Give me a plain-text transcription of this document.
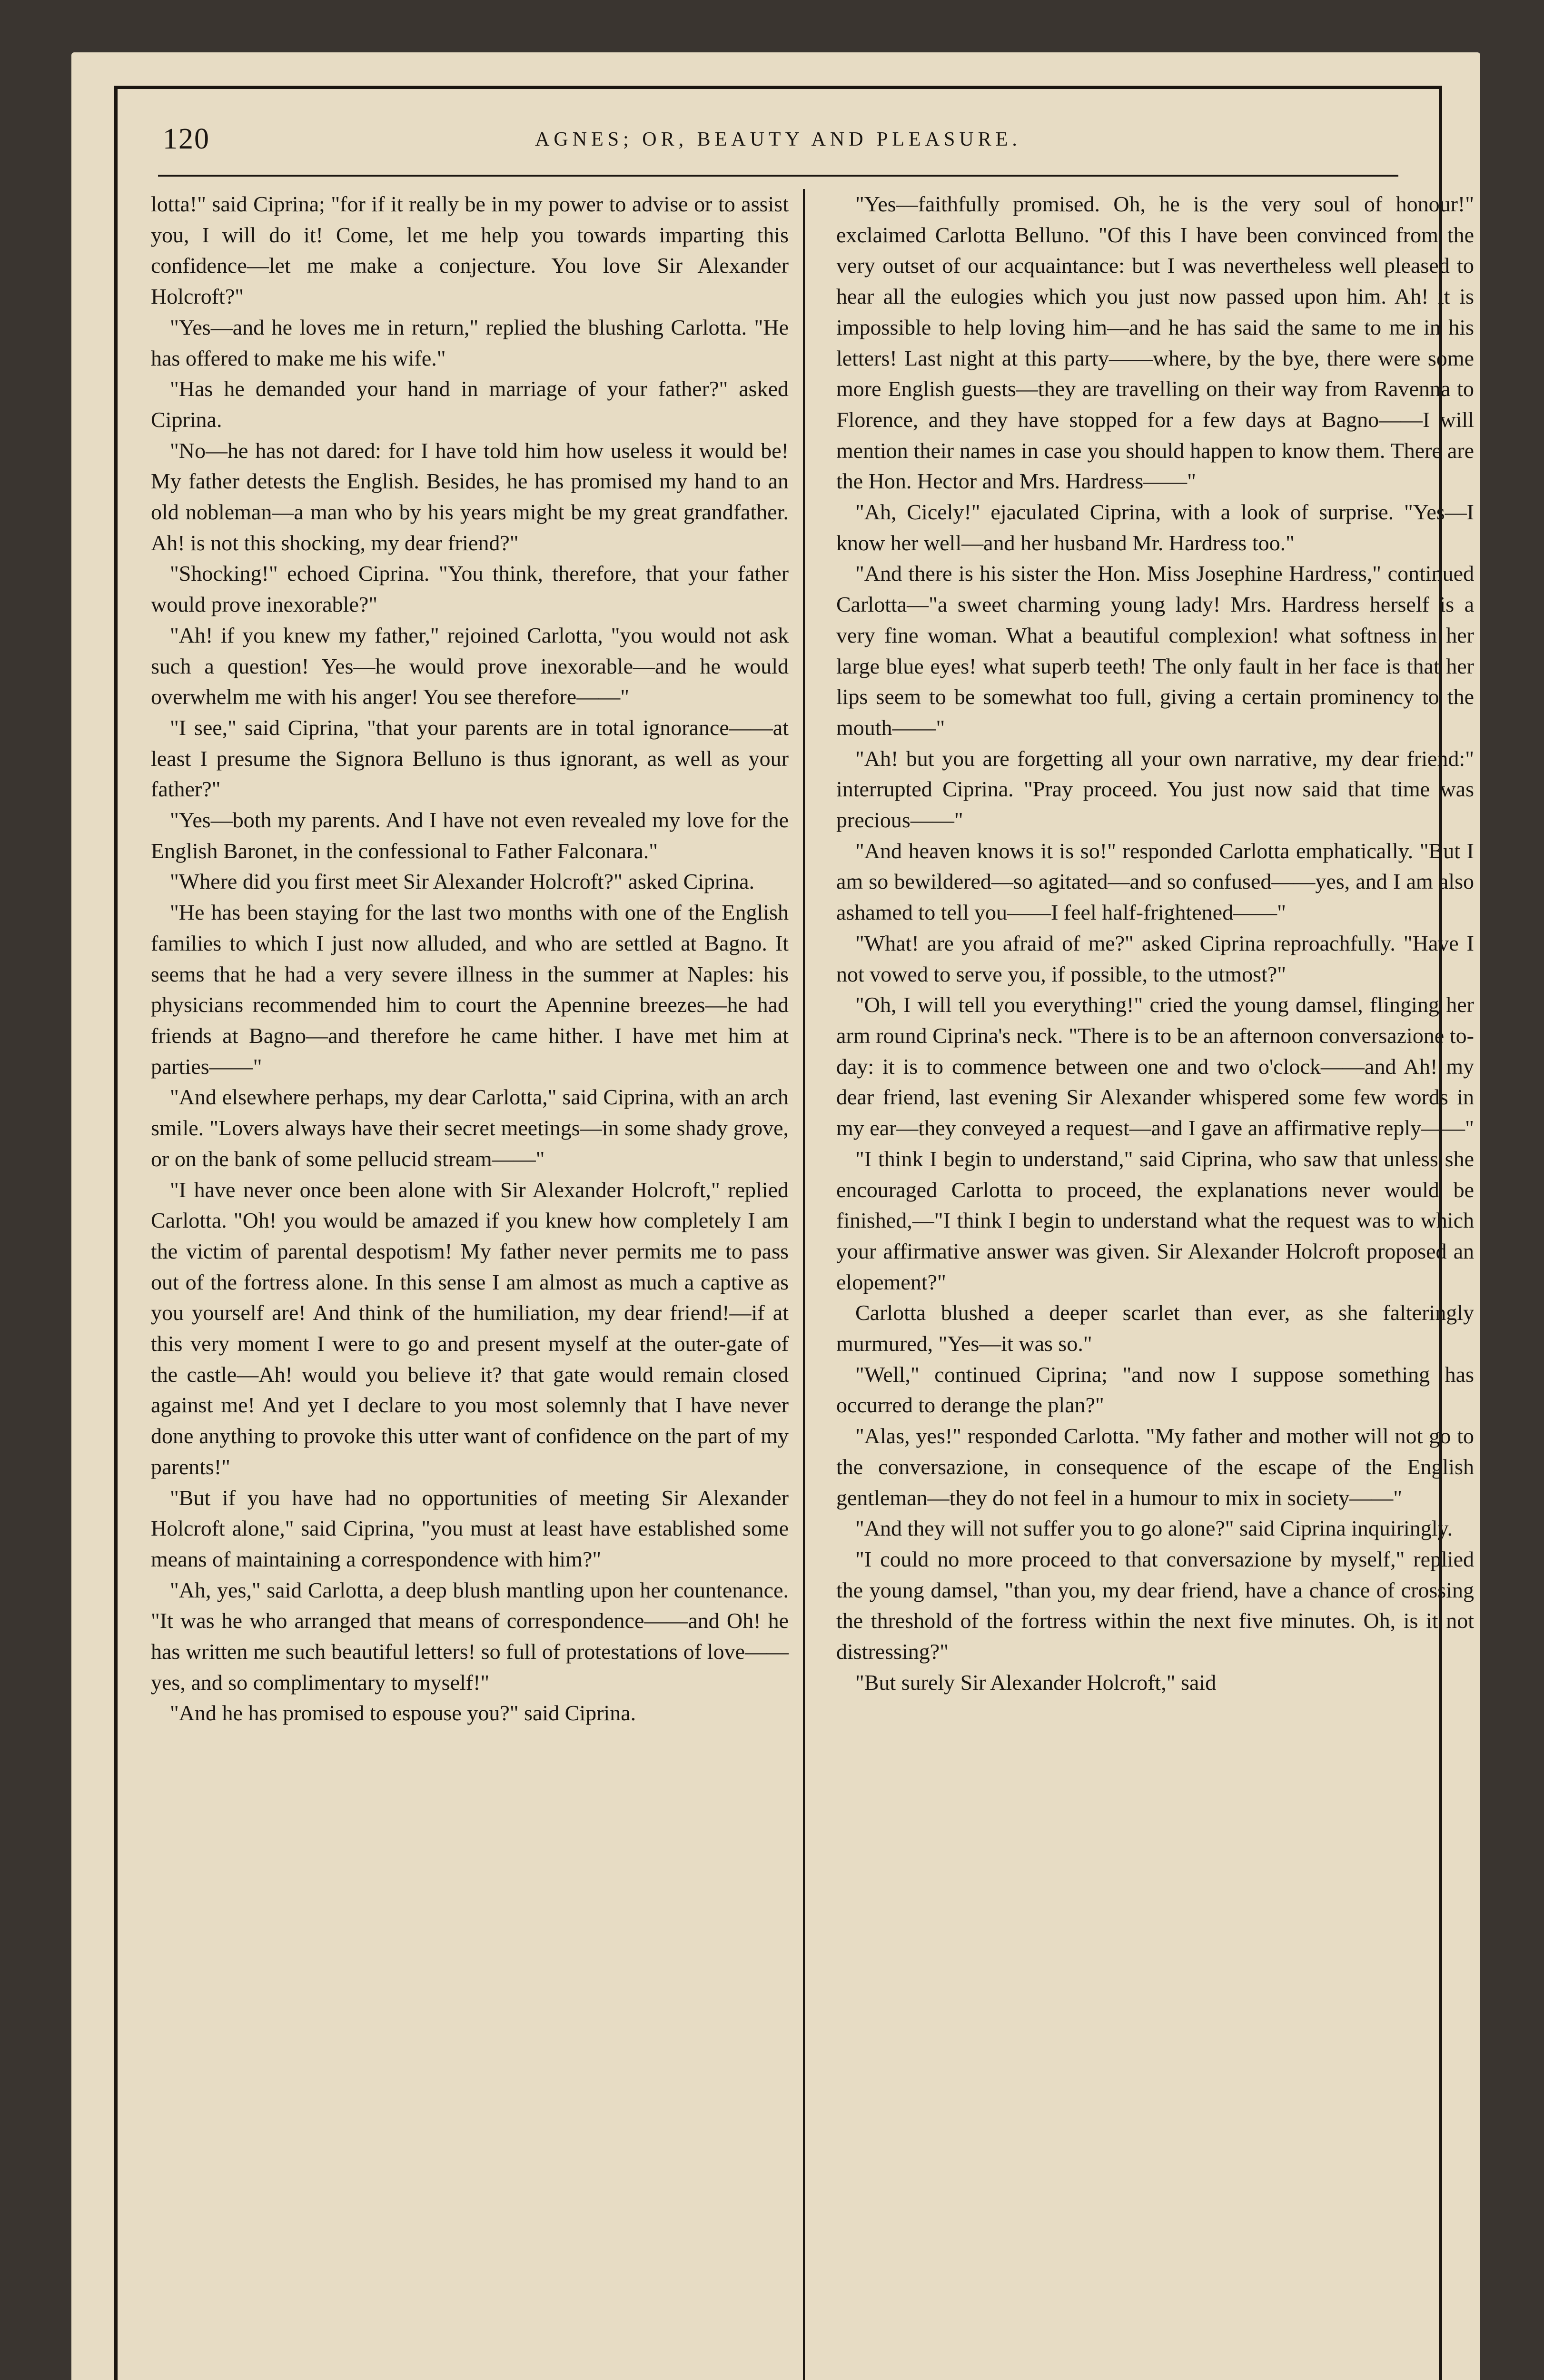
120	AGNES; OR, BEAUTY AND PLEASURE.

lotta!" said Ciprina; "for if it really be in my power to advise or to assist you, I will do it! Come, let me help you towards imparting this confidence—let me make a conjecture. You love Sir Alexander Holcroft?"

"Yes—and he loves me in return," replied the blushing Carlotta. "He has offered to make me his wife."

"Has he demanded your hand in marriage of your father?" asked Ciprina.

"No—he has not dared: for I have told him how useless it would be! My father detests the English. Besides, he has promised my hand to an old nobleman—a man who by his years might be my great grandfather. Ah! is not this shocking, my dear friend?"

"Shocking!" echoed Ciprina. "You think, therefore, that your father would prove inexorable?"

"Ah! if you knew my father," rejoined Carlotta, "you would not ask such a question! Yes—he would prove inexorable—and he would overwhelm me with his anger! You see therefore——"

"I see," said Ciprina, "that your parents are in total ignorance——at least I presume the Signora Belluno is thus ignorant, as well as your father?"

"Yes—both my parents. And I have not even revealed my love for the English Baronet, in the confessional to Father Falconara."

"Where did you first meet Sir Alexander Holcroft?" asked Ciprina.

"He has been staying for the last two months with one of the English families to which I just now alluded, and who are settled at Bagno. It seems that he had a very severe illness in the summer at Naples: his physicians recommended him to court the Apennine breezes—he had friends at Bagno—and therefore he came hither. I have met him at parties——"

"And elsewhere perhaps, my dear Carlotta," said Ciprina, with an arch smile. "Lovers always have their secret meetings—in some shady grove, or on the bank of some pellucid stream——"

"I have never once been alone with Sir Alexander Holcroft," replied Carlotta. "Oh! you would be amazed if you knew how completely I am the victim of parental despotism! My father never permits me to pass out of the fortress alone. In this sense I am almost as much a captive as you yourself are! And think of the humiliation, my dear friend!—if at this very moment I were to go and present myself at the outer-gate of the castle—Ah! would you believe it? that gate would remain closed against me! And yet I declare to you most solemnly that I have never done anything to provoke this utter want of confidence on the part of my parents!"

"But if you have had no opportunities of meeting Sir Alexander Holcroft alone," said Ciprina, "you must at least have established some means of maintaining a correspondence with him?"

"Ah, yes," said Carlotta, a deep blush mantling upon her countenance. "It was he who arranged that means of correspondence——and Oh! he has written me such beautiful letters! so full of protestations of love——yes, and so complimentary to myself!"

"And he has promised to espouse you?" said Ciprina.

"Yes—faithfully promised. Oh, he is the very soul of honour!" exclaimed Carlotta Belluno. "Of this I have been convinced from the very outset of our acquaintance: but I was nevertheless well pleased to hear all the eulogies which you just now passed upon him. Ah! it is impossible to help loving him—and he has said the same to me in his letters! Last night at this party——where, by the bye, there were some more English guests—they are travelling on their way from Ravenna to Florence, and they have stopped for a few days at Bagno——I will mention their names in case you should happen to know them. There are the Hon. Hector and Mrs. Hardress——"

"Ah, Cicely!" ejaculated Ciprina, with a look of surprise. "Yes—I know her well—and her husband Mr. Hardress too."

"And there is his sister the Hon. Miss Josephine Hardress," continued Carlotta—"a sweet charming young lady! Mrs. Hardress herself is a very fine woman. What a beautiful complexion! what softness in her large blue eyes! what superb teeth! The only fault in her face is that her lips seem to be somewhat too full, giving a certain prominency to the mouth——"

"Ah! but you are forgetting all your own narrative, my dear friend:" interrupted Ciprina. "Pray proceed. You just now said that time was precious——"

"And heaven knows it is so!" responded Carlotta emphatically. "But I am so bewildered—so agitated—and so confused——yes, and I am also ashamed to tell you——I feel half-frightened——"

"What! are you afraid of me?" asked Ciprina reproachfully. "Have I not vowed to serve you, if possible, to the utmost?"

"Oh, I will tell you everything!" cried the young damsel, flinging her arm round Ciprina's neck. "There is to be an afternoon conversazione to-day: it is to commence between one and two o'clock——and Ah! my dear friend, last evening Sir Alexander whispered some few words in my ear—they conveyed a request—and I gave an affirmative reply——"

"I think I begin to understand," said Ciprina, who saw that unless she encouraged Carlotta to proceed, the explanations never would be finished,—"I think I begin to understand what the request was to which your affirmative answer was given. Sir Alexander Holcroft proposed an elopement?"

Carlotta blushed a deeper scarlet than ever, as she falteringly murmured, "Yes—it was so."

"Well," continued Ciprina; "and now I suppose something has occurred to derange the plan?"

"Alas, yes!" responded Carlotta. "My father and mother will not go to the conversazione, in consequence of the escape of the English gentleman—they do not feel in a humour to mix in society——"

"And they will not suffer you to go alone?" said Ciprina inquiringly.

"I could no more proceed to that conversazione by myself," replied the young damsel, "than you, my dear friend, have a chance of crossing the threshold of the fortress within the next five minutes. Oh, is it not distressing?"

"But surely Sir Alexander Holcroft," said
